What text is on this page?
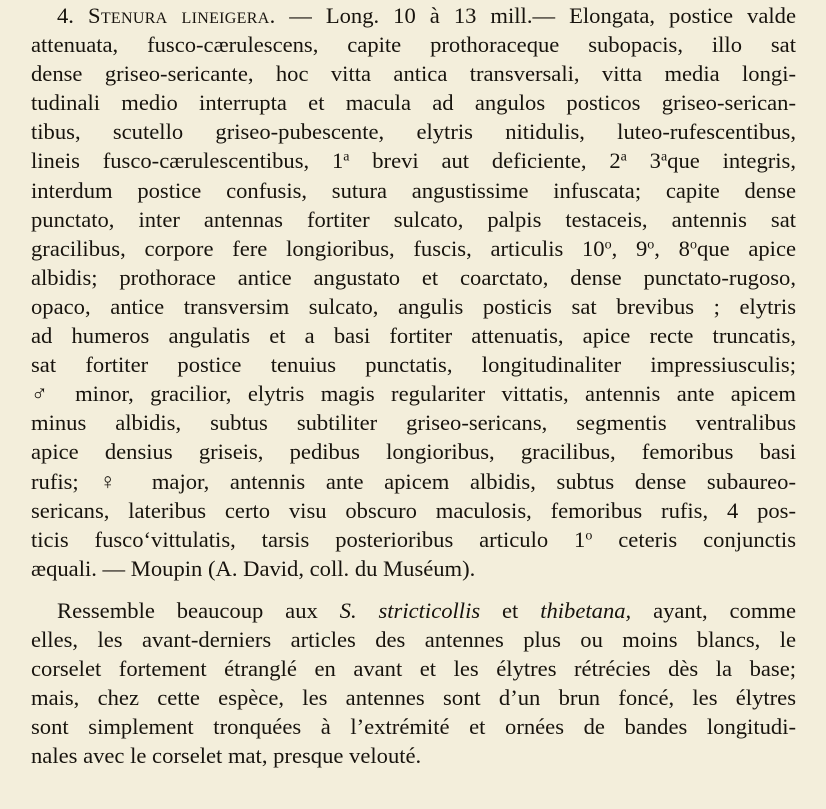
4. Stenura lineigera. — Long. 10 à 13 mill.— Elongata, postice valde
attenuata, fusco-cærulescens, capite prothoraceque subopacis, illo sat
dense griseo-sericante, hoc vitta antica transversali, vitta media longi-
tudinali medio interrupta et macula ad angulos posticos griseo-serican-
tibus, scutello griseo-pubescente, elytris nitidulis, luteo-rufescentibus,
lineis fusco-cærulescentibus, 1$^a$ brevi aut deficiente, 2$^a$ 3$^a$que integris,
interdum postice confusis, sutura angustissime infuscata; capite dense
punctato, inter antennas fortiter sulcato, palpis testaceis, antennis sat
gracilibus, corpore fere longioribus, fuscis, articulis 10$^o$, 9$^o$, 8$^o$que apice
albidis; prothorace antice angustato et coarctato, dense punctato-rugoso,
opaco, antice transversim sulcato, angulis posticis sat brevibus ; elytris
ad humeros angulatis et a basi fortiter attenuatis, apice recte truncatis,
sat fortiter postice tenuius punctatis, longitudinaliter impressiusculis;
♂ minor, gracilior, elytris magis regulariter vittatis, antennis ante apicem
minus albidis, subtus subtiliter griseo-sericans, segmentis ventralibus
apice densius griseis, pedibus longioribus, gracilibus, femoribus basi
rufis; ♀ major, antennis ante apicem albidis, subtus dense subaureo-
sericans, lateribus certo visu obscuro maculosis, femoribus rufis, 4 pos-
ticis fuscoʻvittulatis, tarsis posterioribus articulo 1$^o$ ceteris conjunctis
æquali. — Moupin (A. David, coll. du Muséum).
Ressemble beaucoup aux S. stricticollis et thibetana, ayant, comme
elles, les avant-derniers articles des antennes plus ou moins blancs, le
corselet fortement étranglé en avant et les élytres rétrécies dès la base;
mais, chez cette espèce, les antennes sont d’un brun foncé, les élytres
sont simplement tronquées à l’extrémité et ornées de bandes longitudi-
nales avec le corselet mat, presque velouté.
